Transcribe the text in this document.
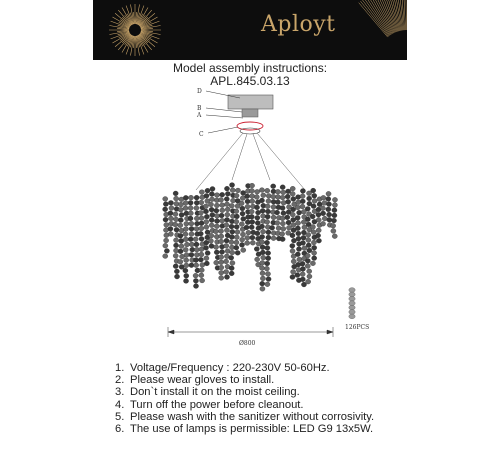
Aployt
Model assembly instructions:
APL.845.03.13
D
B
A
C
Ø800
126PCS
1. Voltage/Frequency : 220-230V 50-60Hz.
2. Please wear gloves to install.
3. Don`t install it on the moist ceiling.
4. Turn off the power before cleanout.
5. Please wash with the sanitizer without corrosivity.
6. The use of lamps is permissible: LED G9 13x5W.
